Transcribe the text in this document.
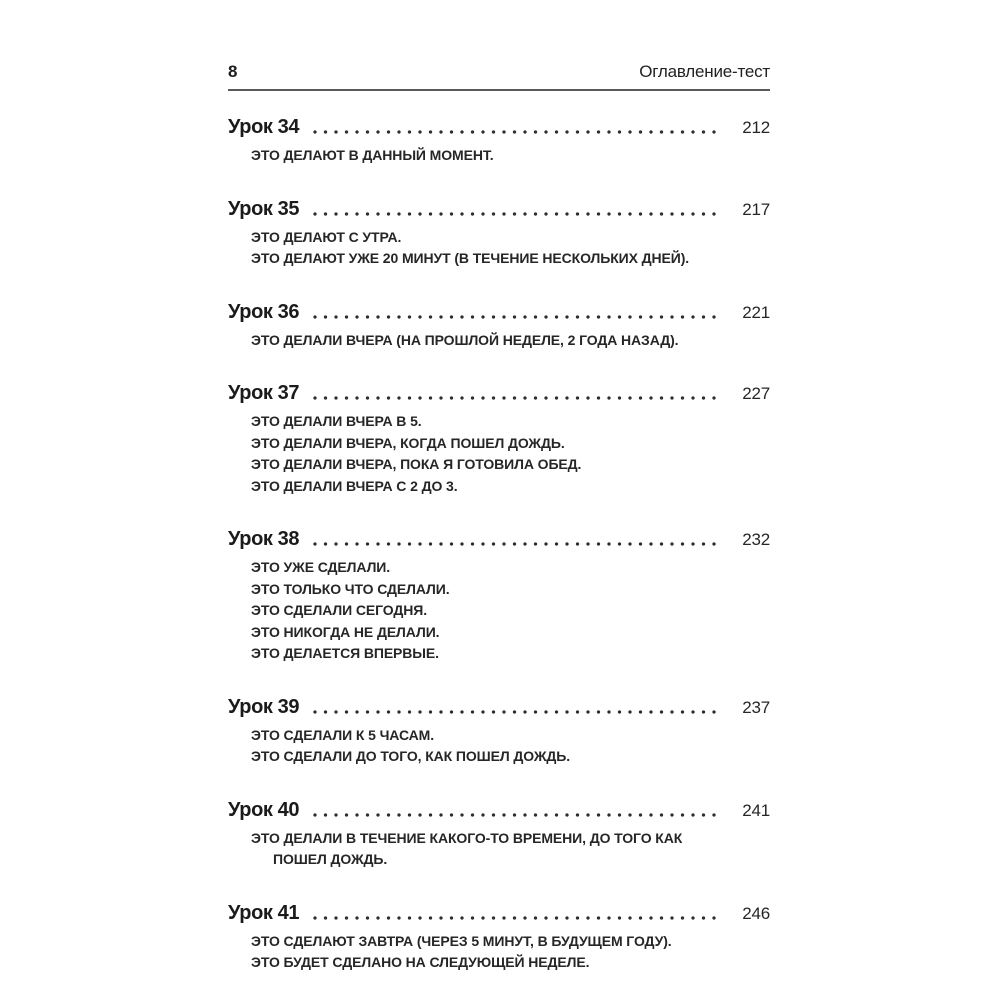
8	Оглавление-тест
Урок 34	212
ЭТО ДЕЛАЮТ В ДАННЫЙ МОМЕНТ.
Урок 35	217
ЭТО ДЕЛАЮТ С УТРА.
ЭТО ДЕЛАЮТ УЖЕ 20 МИНУТ (В ТЕЧЕНИЕ НЕСКОЛЬКИХ ДНЕЙ).
Урок 36	221
ЭТО ДЕЛАЛИ ВЧЕРА (НА ПРОШЛОЙ НЕДЕЛЕ, 2 ГОДА НАЗАД).
Урок 37	227
ЭТО ДЕЛАЛИ ВЧЕРА В 5.
ЭТО ДЕЛАЛИ ВЧЕРА, КОГДА ПОШЕЛ ДОЖДЬ.
ЭТО ДЕЛАЛИ ВЧЕРА, ПОКА Я ГОТОВИЛА ОБЕД.
ЭТО ДЕЛАЛИ ВЧЕРА С 2 ДО 3.
Урок 38	232
ЭТО УЖЕ СДЕЛАЛИ.
ЭТО ТОЛЬКО ЧТО СДЕЛАЛИ.
ЭТО СДЕЛАЛИ СЕГОДНЯ.
ЭТО НИКОГДА НЕ ДЕЛАЛИ.
ЭТО ДЕЛАЕТСЯ ВПЕРВЫЕ.
Урок 39	237
ЭТО СДЕЛАЛИ К 5 ЧАСАМ.
ЭТО СДЕЛАЛИ ДО ТОГО, КАК ПОШЕЛ ДОЖДЬ.
Урок 40	241
ЭТО ДЕЛАЛИ В ТЕЧЕНИЕ КАКОГО-ТО ВРЕМЕНИ, ДО ТОГО КАК ПОШЕЛ ДОЖДЬ.
Урок 41	246
ЭТО СДЕЛАЮТ ЗАВТРА (ЧЕРЕЗ 5 МИНУТ, В БУДУЩЕМ ГОДУ).
ЭТО БУДЕТ СДЕЛАНО НА СЛЕДУЮЩЕЙ НЕДЕЛЕ.
